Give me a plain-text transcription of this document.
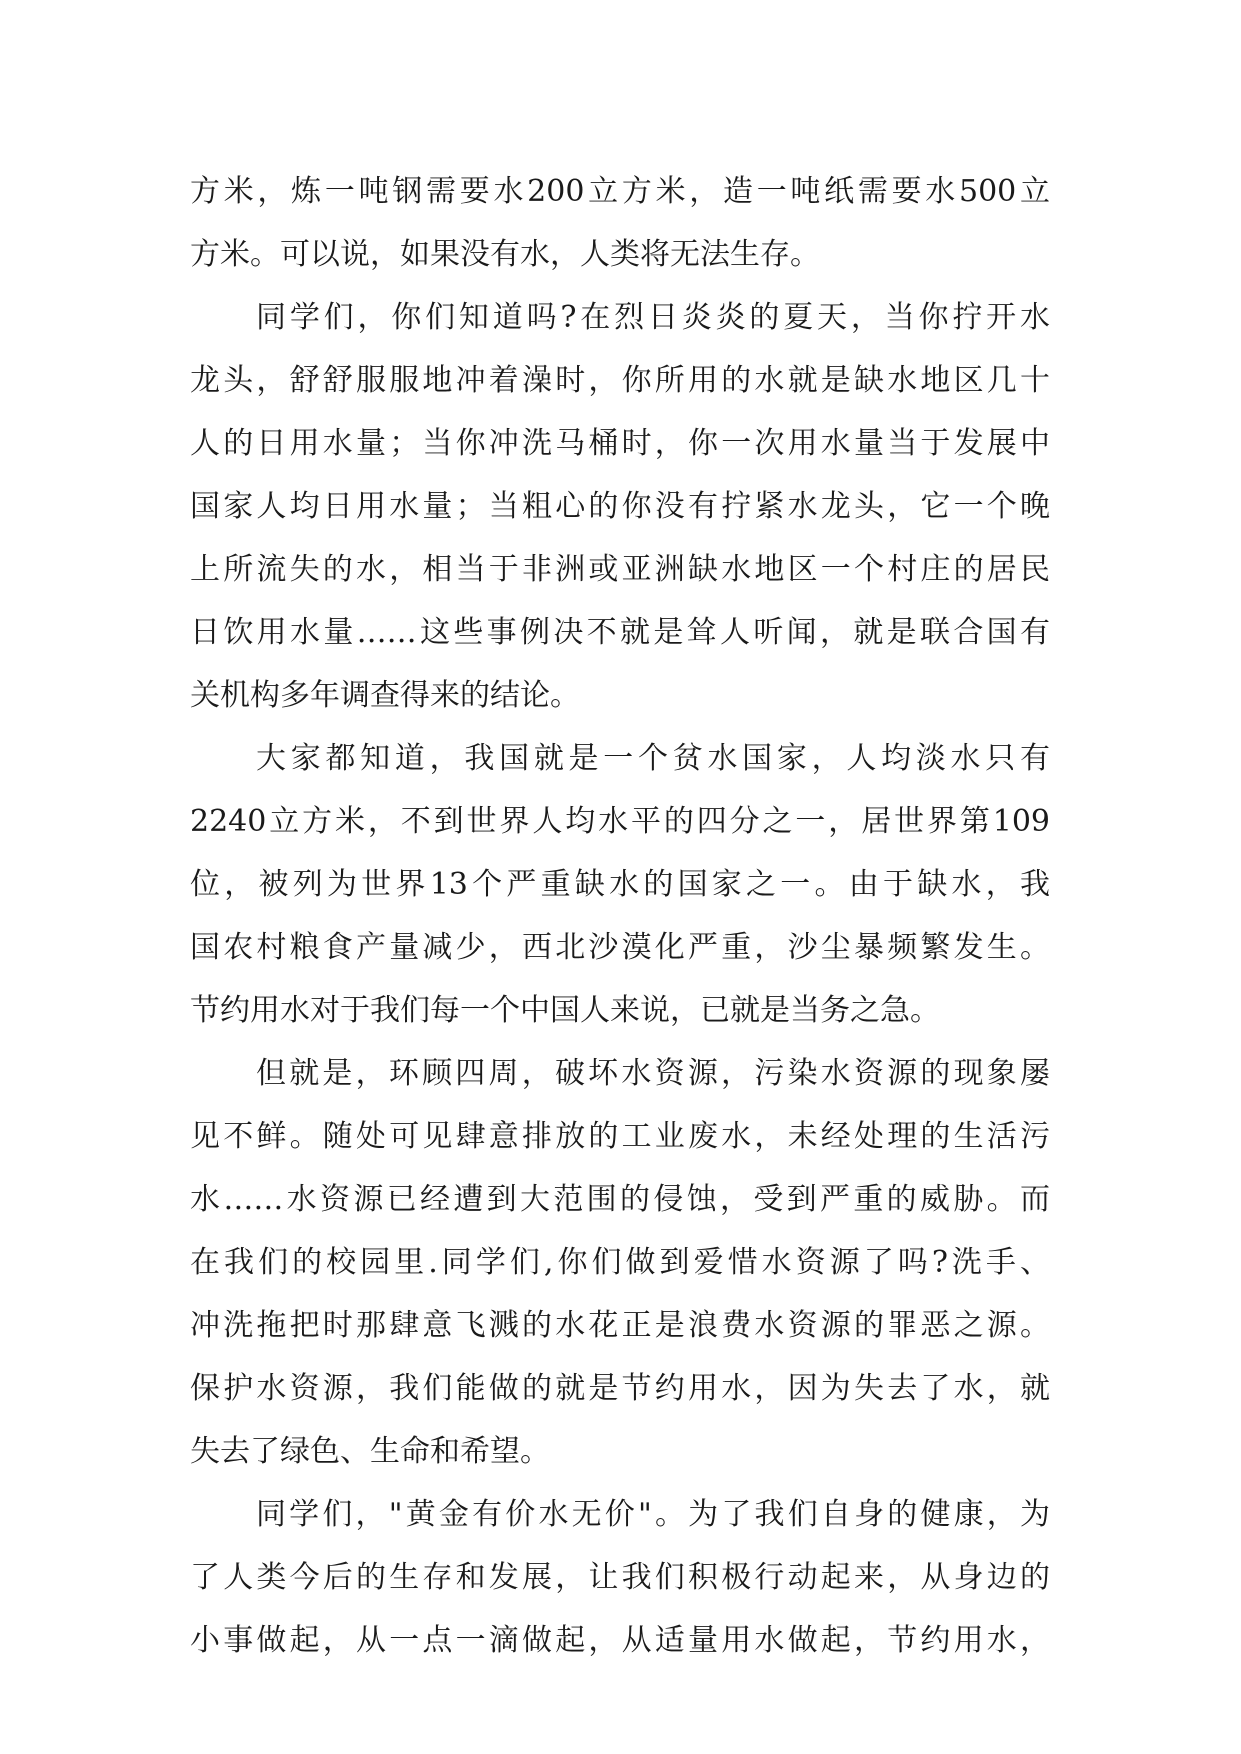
方米，炼一吨钢需要水200立方米，造一吨纸需要水500立
方米。可以说，如果没有水，人类将无法生存。
同学们，你们知道吗?在烈日炎炎的夏天，当你拧开水
龙头，舒舒服服地冲着澡时，你所用的水就是缺水地区几十
人的日用水量；当你冲洗马桶时，你一次用水量当于发展中
国家人均日用水量；当粗心的你没有拧紧水龙头，它一个晚
上所流失的水，相当于非洲或亚洲缺水地区一个村庄的居民
日饮用水量……这些事例决不就是耸人听闻，就是联合国有
关机构多年调查得来的结论。
大家都知道，我国就是一个贫水国家，人均淡水只有
2240立方米，不到世界人均水平的四分之一，居世界第109
位，被列为世界13个严重缺水的国家之一。由于缺水，我
国农村粮食产量减少，西北沙漠化严重，沙尘暴频繁发生。
节约用水对于我们每一个中国人来说，已就是当务之急。
但就是，环顾四周，破坏水资源，污染水资源的现象屡
见不鲜。随处可见肆意排放的工业废水，未经处理的生活污
水……水资源已经遭到大范围的侵蚀，受到严重的威胁。而
在我们的校园里.同学们,你们做到爱惜水资源了吗?洗手、
冲洗拖把时那肆意飞溅的水花正是浪费水资源的罪恶之源。
保护水资源，我们能做的就是节约用水，因为失去了水，就
失去了绿色、生命和希望。
同学们，"黄金有价水无价"。为了我们自身的健康，为
了人类今后的生存和发展，让我们积极行动起来，从身边的
小事做起，从一点一滴做起，从适量用水做起，节约用水，
